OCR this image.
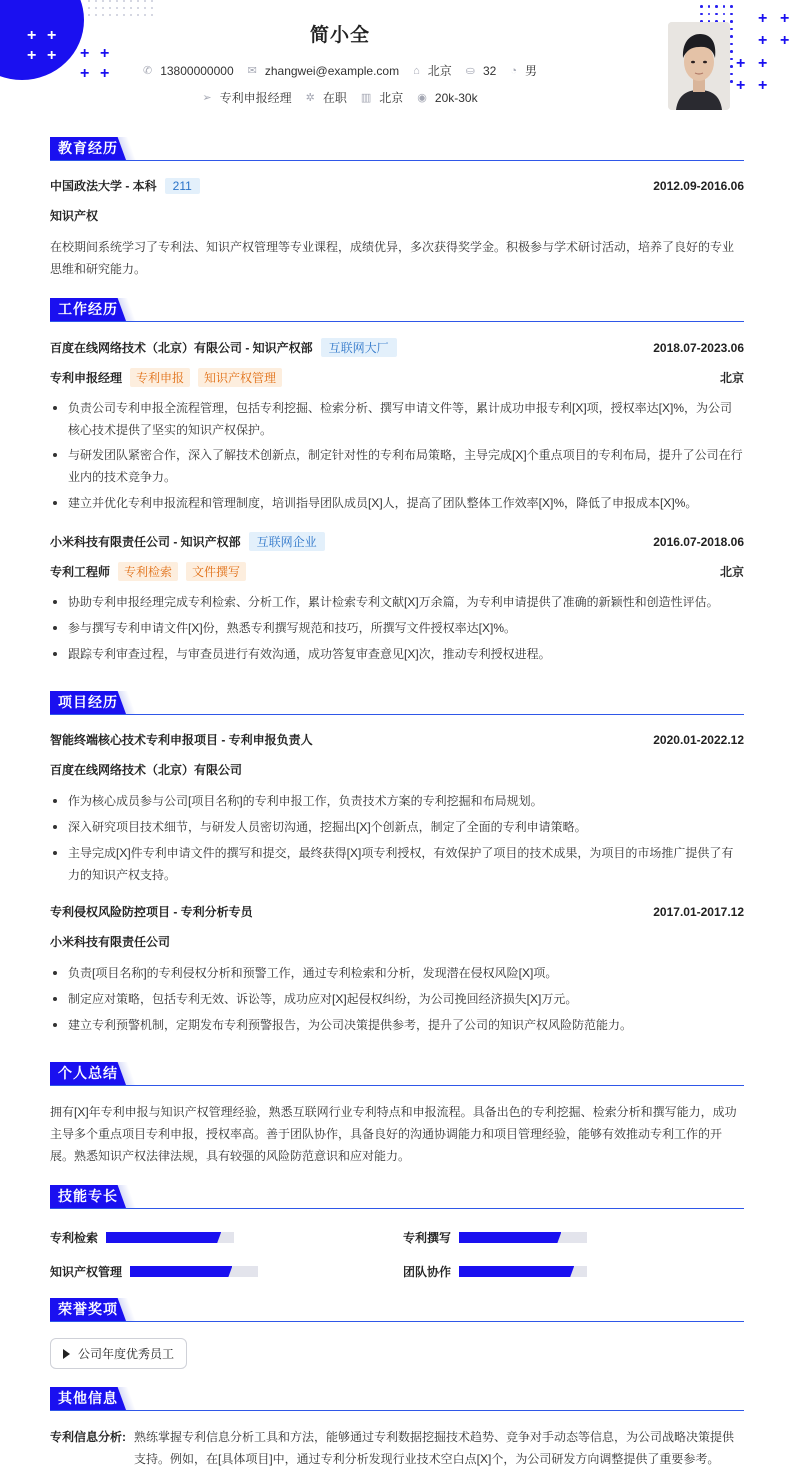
+ +
+ + + +
+ +
+ +
+ +
+ +
+ +
简小全
✆ 13800000000 ✉ zhangwei@example.com ⌂ 北京 ⛀ 32 ◔ 男
➢ 专利申报经理 ✲ 在职 ▥ 北京 ◉ 20k-30k
教育经历
中国政法大学 - 本科	211	2012.09-2016.06
知识产权
在校期间系统学习了专利法、知识产权管理等专业课程，成绩优异，多次获得奖学金。积极参与学术研讨活动，培养了良好的专业思维和研究能力。
工作经历
百度在线网络技术（北京）有限公司 - 知识产权部	互联网大厂	2018.07-2023.06
专利申报经理	专利申报	知识产权管理	北京
负责公司专利申报全流程管理，包括专利挖掘、检索分析、撰写申请文件等，累计成功申报专利[X]项，授权率达[X]%，为公司核心技术提供了坚实的知识产权保护。
与研发团队紧密合作，深入了解技术创新点，制定针对性的专利布局策略，主导完成[X]个重点项目的专利布局，提升了公司在行业内的技术竞争力。
建立并优化专利申报流程和管理制度，培训指导团队成员[X]人，提高了团队整体工作效率[X]%，降低了申报成本[X]%。
小米科技有限责任公司 - 知识产权部	互联网企业	2016.07-2018.06
专利工程师	专利检索	文件撰写	北京
协助专利申报经理完成专利检索、分析工作，累计检索专利文献[X]万余篇，为专利申请提供了准确的新颖性和创造性评估。
参与撰写专利申请文件[X]份，熟悉专利撰写规范和技巧，所撰写文件授权率达[X]%。
跟踪专利审查过程，与审查员进行有效沟通，成功答复审查意见[X]次，推动专利授权进程。
项目经历
智能终端核心技术专利申报项目 - 专利申报负责人	2020.01-2022.12
百度在线网络技术（北京）有限公司
作为核心成员参与公司[项目名称]的专利申报工作，负责技术方案的专利挖掘和布局规划。
深入研究项目技术细节，与研发人员密切沟通，挖掘出[X]个创新点，制定了全面的专利申请策略。
主导完成[X]件专利申请文件的撰写和提交，最终获得[X]项专利授权，有效保护了项目的技术成果，为项目的市场推广提供了有力的知识产权支持。
专利侵权风险防控项目 - 专利分析专员	2017.01-2017.12
小米科技有限责任公司
负责[项目名称]的专利侵权分析和预警工作，通过专利检索和分析，发现潜在侵权风险[X]项。
制定应对策略，包括专利无效、诉讼等，成功应对[X]起侵权纠纷，为公司挽回经济损失[X]万元。
建立专利预警机制，定期发布专利预警报告，为公司决策提供参考，提升了公司的知识产权风险防范能力。
个人总结
拥有[X]年专利申报与知识产权管理经验，熟悉互联网行业专利特点和申报流程。具备出色的专利挖掘、检索分析和撰写能力，成功主导多个重点项目专利申报，授权率高。善于团队协作，具备良好的沟通协调能力和项目管理经验，能够有效推动专利工作的开展。熟悉知识产权法律法规，具有较强的风险防范意识和应对能力。
技能专长
专利检索	专利撰写
知识产权管理	团队协作
荣誉奖项
公司年度优秀员工
其他信息
专利信息分析: 熟练掌握专利信息分析工具和方法，能够通过专利数据挖掘技术趋势、竞争对手动态等信息，为公司战略决策提供支持。例如，在[具体项目]中，通过专利分析发现行业技术空白点[X]个，为公司研发方向调整提供了重要参考。
